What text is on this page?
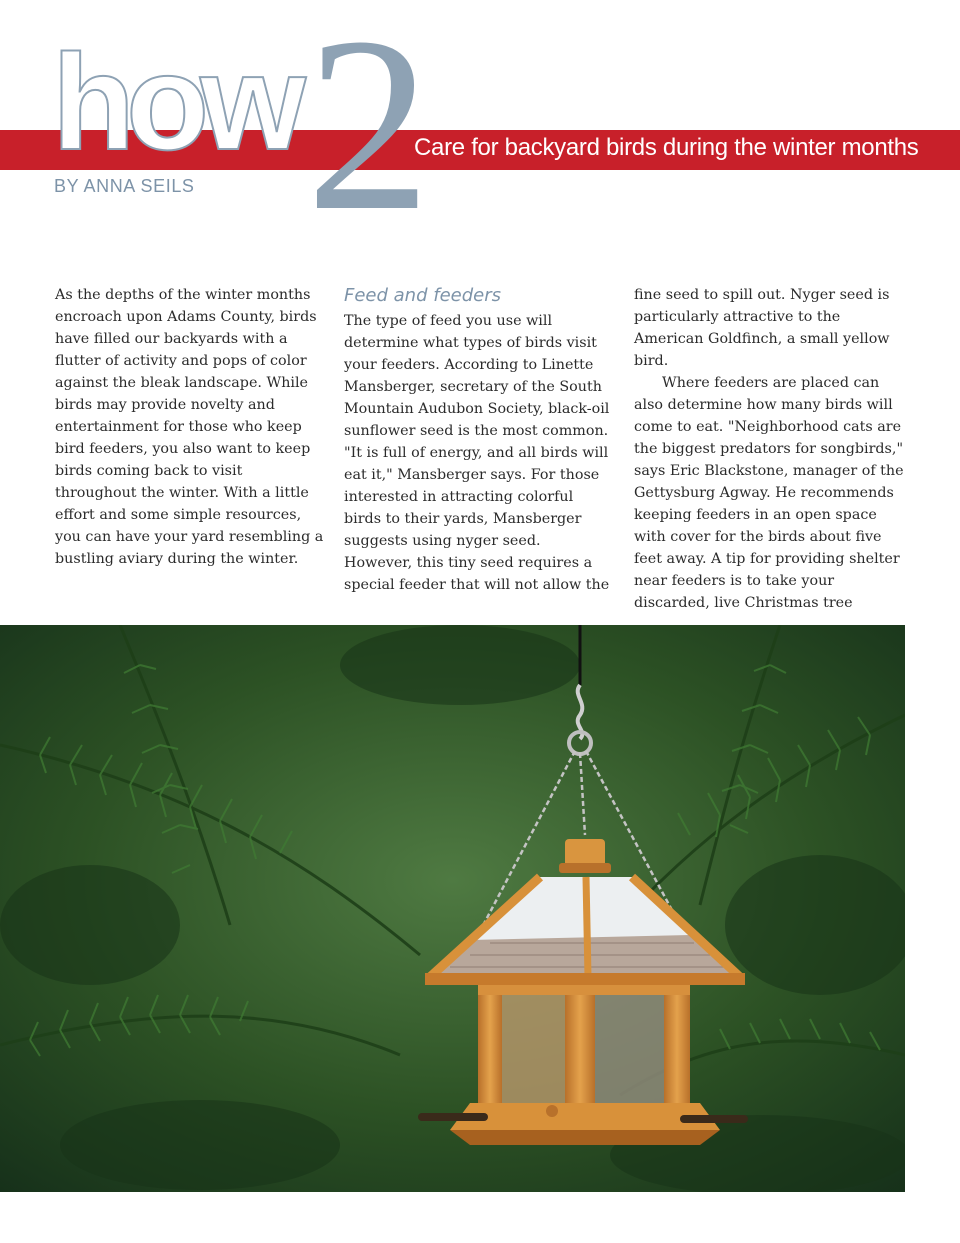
how 2
Care for backyard birds during the winter months
BY ANNA SEILS

As the depths of the winter months encroach upon Adams County, birds have filled our backyards with a flutter of activity and pops of color against the bleak landscape. While birds may provide novelty and entertainment for those who keep bird feeders, you also want to keep birds coming back to visit throughout the winter. With a little effort and some simple resources, you can have your yard resembling a bustling aviary during the winter.

Feed and feeders

The type of feed you use will determine what types of birds visit your feeders. According to Linette Mansberger, secretary of the South Mountain Audubon Society, black-oil sunflower seed is the most common. "It is full of energy, and all birds will eat it," Mansberger says. For those interested in attracting colorful birds to their yards, Mansberger suggests using nyger seed. However, this tiny seed requires a special feeder that will not allow the

fine seed to spill out. Nyger seed is particularly attractive to the American Goldfinch, a small yellow bird.

Where feeders are placed can also determine how many birds will come to eat. "Neighborhood cats are the biggest predators for songbirds," says Eric Blackstone, manager of the Gettysburg Agway. He recommends keeping feeders in an open space with cover for the birds about five feet away. A tip for providing shelter near feeders is to take your discarded, live Christmas tree
